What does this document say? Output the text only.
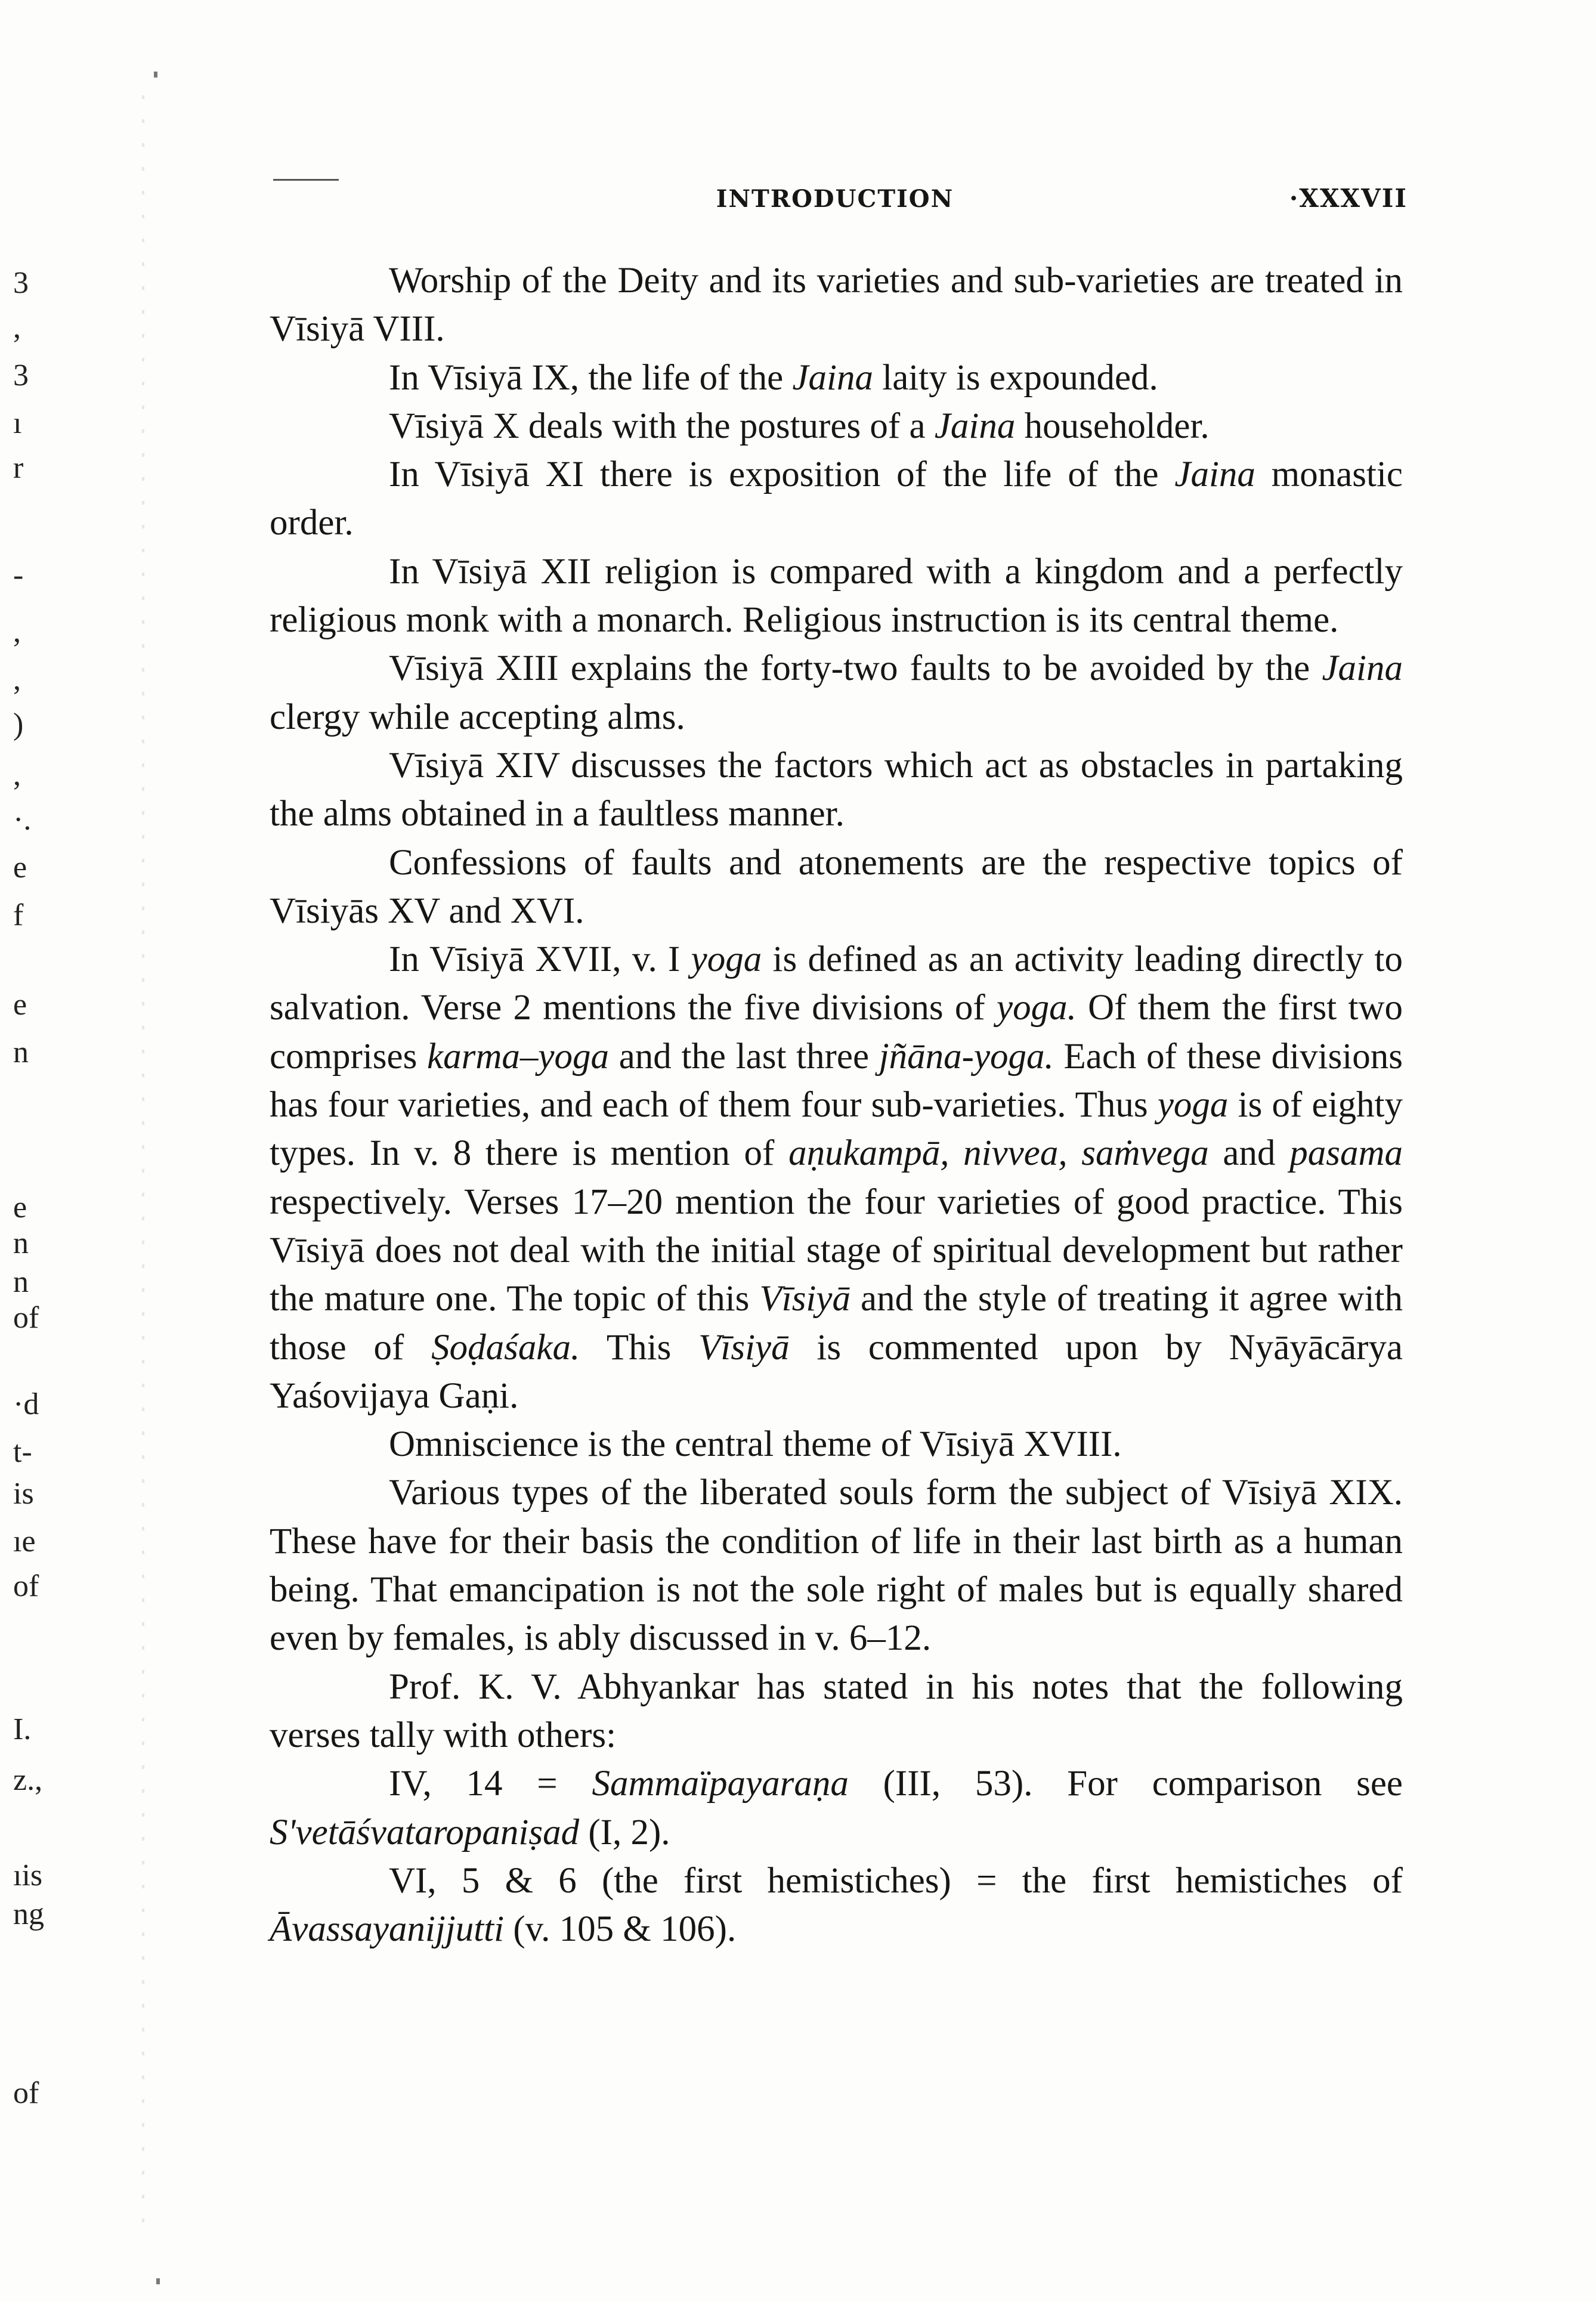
INTRODUCTION	·XXXVII
3
,
3
ı
r
-
,
,
)
,
·.
e
f
e
n
e
n
n
of
·d
t-
is
ıe
of
I.
z.,
ıis
ng
of

Worship of the Deity and its varieties and sub-varieties are treated in Vīsiyā VIII.

In Vīsiyā IX, the life of the Jaina laity is expounded.

Vīsiyā X deals with the postures of a Jaina householder.

In Vīsiyā XI there is exposition of the life of the Jaina monastic order.

In Vīsiyā XII religion is compared with a kingdom and a perfectly religious monk with a monarch. Religious instruction is its central theme.

Vīsiyā XIII explains the forty-two faults to be avoided by the Jaina clergy while accepting alms.

Vīsiyā XIV discusses the factors which act as obstacles in partaking the alms obtained in a faultless manner.

Confessions of faults and atonements are the respective topics of Vīsiyās XV and XVI.

In Vīsiyā XVII, v. I yoga is defined as an activity leading directly to salvation. Verse 2 mentions the five divisions of yoga. Of them the first two comprises karma–yoga and the last three jñāna-yoga. Each of these divisions has four varieties, and each of them four sub-varieties. Thus yoga is of eighty types. In v. 8 there is mention of aṇukampā, nivvea, saṁvega and pasama respectively. Verses 17–20 mention the four varieties of good practice. This Vīsiyā does not deal with the initial stage of spiritual development but rather the mature one. The topic of this Vīsiyā and the style of treating it agree with those of Ṣoḍaśaka. This Vīsiyā is commented upon by Nyāyācārya Yaśovijaya Gaṇi.

Omniscience is the central theme of Vīsiyā XVIII.

Various types of the liberated souls form the subject of Vīsiyā XIX. These have for their basis the condition of life in their last birth as a human being. That emancipation is not the sole right of males but is equally shared even by females, is ably discussed in v. 6–12.

Prof. K. V. Abhyankar has stated in his notes that the following verses tally with others:

IV, 14 = Sammaïpayaraṇa (III, 53). For comparison see S'vetāśvataropaniṣad (I, 2).

VI, 5 & 6 (the first hemistiches) = the first hemistiches of Āvassayanijjutti (v. 105 & 106).
